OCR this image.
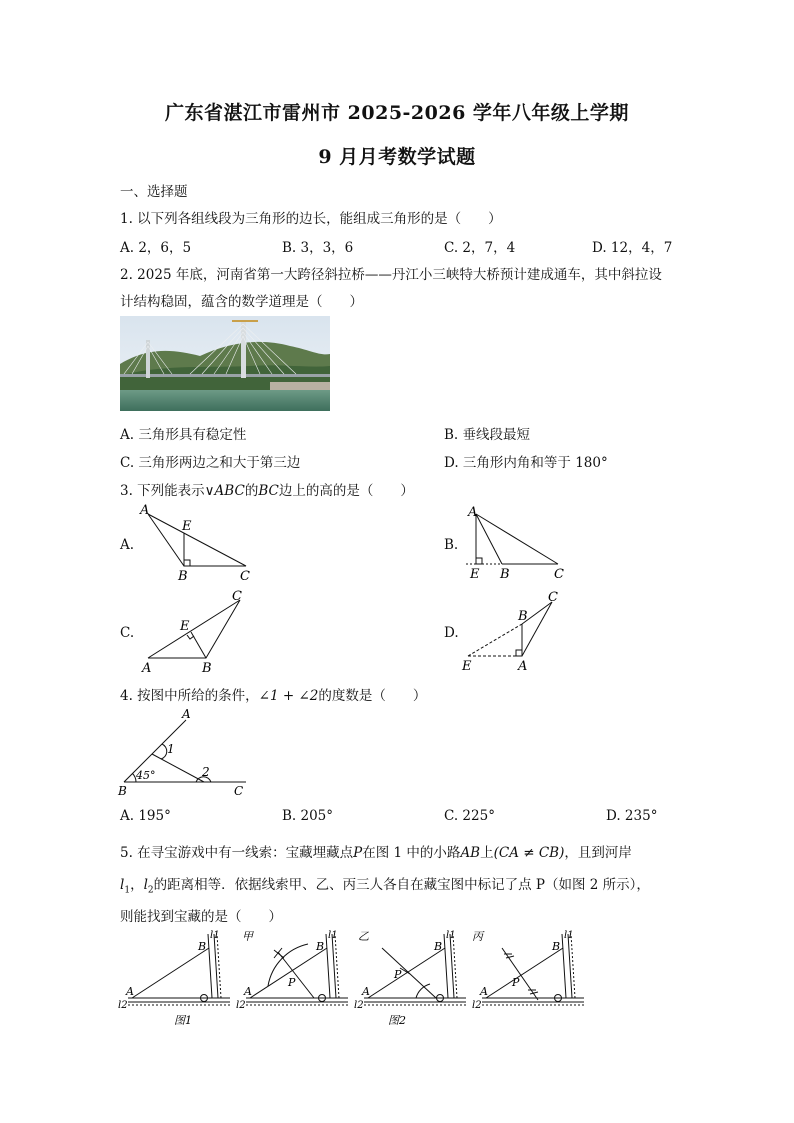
广东省湛江市雷州市 2025-2026 学年八年级上学期
9 月月考数学试题
一、选择题
1. 以下列各组线段为三角形的边长，能组成三角形的是（　　）
A. 2，6，5	B. 3，3，6	C. 2，7，4	D. 12，4，7
2. 2025 年底，河南省第一大跨径斜拉桥——丹江小三峡特大桥预计建成通车，其中斜拉设
计结构稳固，蕴含的数学道理是（　　）
A. 三角形具有稳定性	B. 垂线段最短
C. 三角形两边之和大于第三边	D. 三角形内角和等于 180°
3. 下列能表示∨ABC的BC边上的高的是（　　）
A.
A
E
B	C
B.
A
E B	C
C.	E
A	B
C
D.
B
C
E	A
4. 按图中所给的条件，∠1 + ∠2的度数是（　　）
A
B	C
1
2
45°
A. 195°	B. 205°	C. 225°	D. 235°
5. 在寻宝游戏中有一线索：宝藏埋藏点P在图 1 中的小路AB上(CA ≠ CB)，且到河岸
$l_1$，$l_2$的距离相等．依据线索甲、乙、丙三人各自在藏宝图中标记了点 P（如图 2 所示），
则能找到宝藏的是（　　）
A
B
l2
l1
图1
甲
A
B
P
l2
l1 乙
A
B
P
l2
l1
图2
丙
A
B
P
l2
l1
